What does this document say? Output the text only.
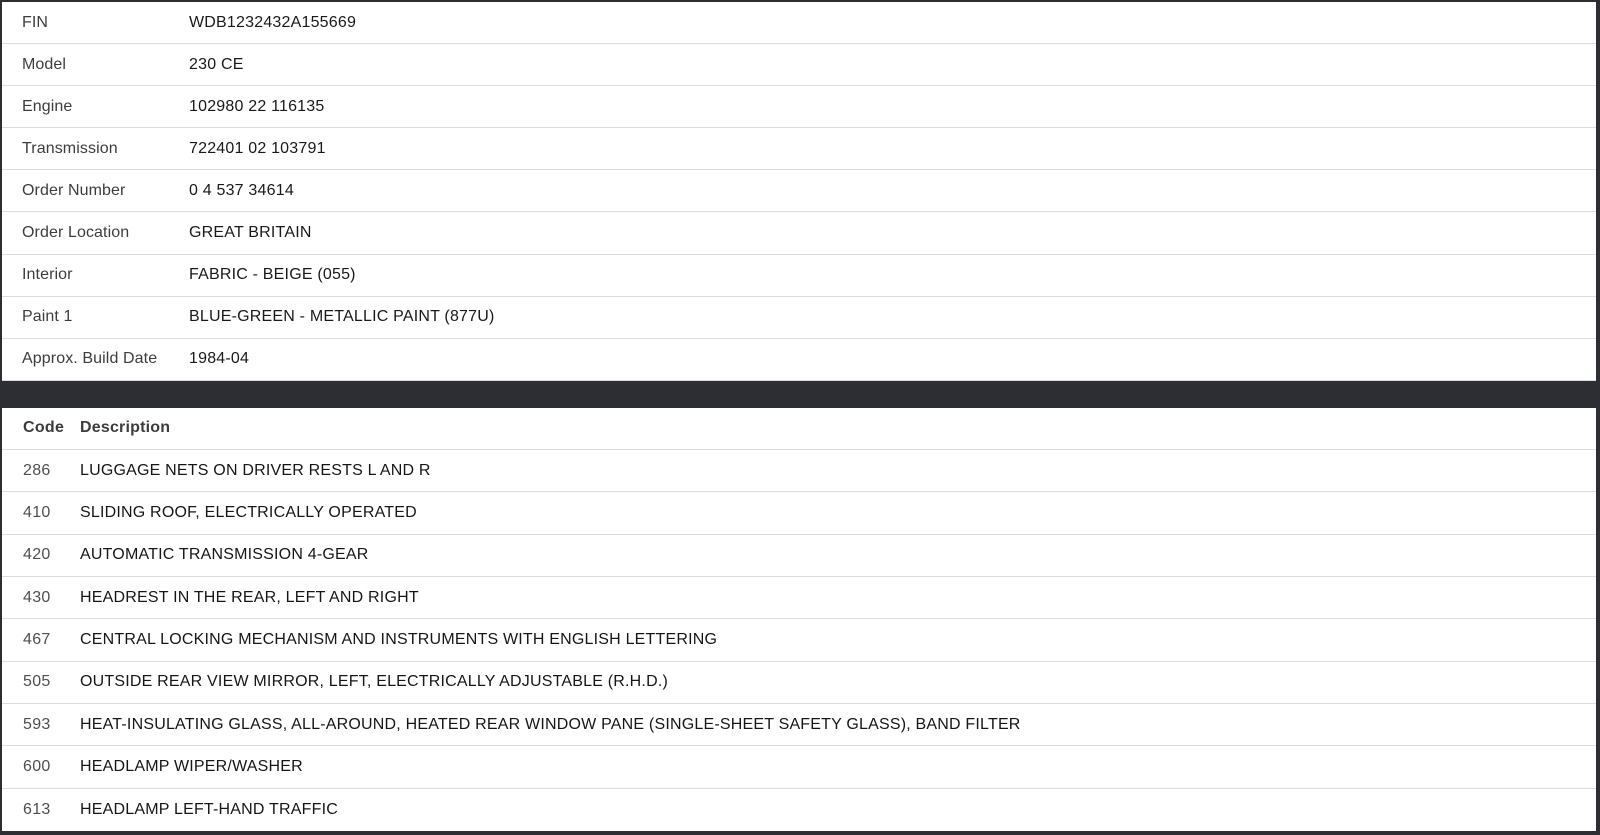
FIN	WDB1232432A155669
Model	230 CE
Engine	102980 22 116135
Transmission	722401 02 103791
Order Number	0 4 537 34614
Order Location	GREAT BRITAIN
Interior	FABRIC - BEIGE (055)
Paint 1	BLUE-GREEN - METALLIC PAINT (877U)
Approx. Build Date	1984-04
Code Description
286	LUGGAGE NETS ON DRIVER RESTS L AND R
410	SLIDING ROOF, ELECTRICALLY OPERATED
420	AUTOMATIC TRANSMISSION 4-GEAR
430	HEADREST IN THE REAR, LEFT AND RIGHT
467	CENTRAL LOCKING MECHANISM AND INSTRUMENTS WITH ENGLISH LETTERING
505	OUTSIDE REAR VIEW MIRROR, LEFT, ELECTRICALLY ADJUSTABLE (R.H.D.)
593	HEAT-INSULATING GLASS, ALL-AROUND, HEATED REAR WINDOW PANE (SINGLE-SHEET SAFETY GLASS), BAND FILTER
600	HEADLAMP WIPER/WASHER
613	HEADLAMP LEFT-HAND TRAFFIC
